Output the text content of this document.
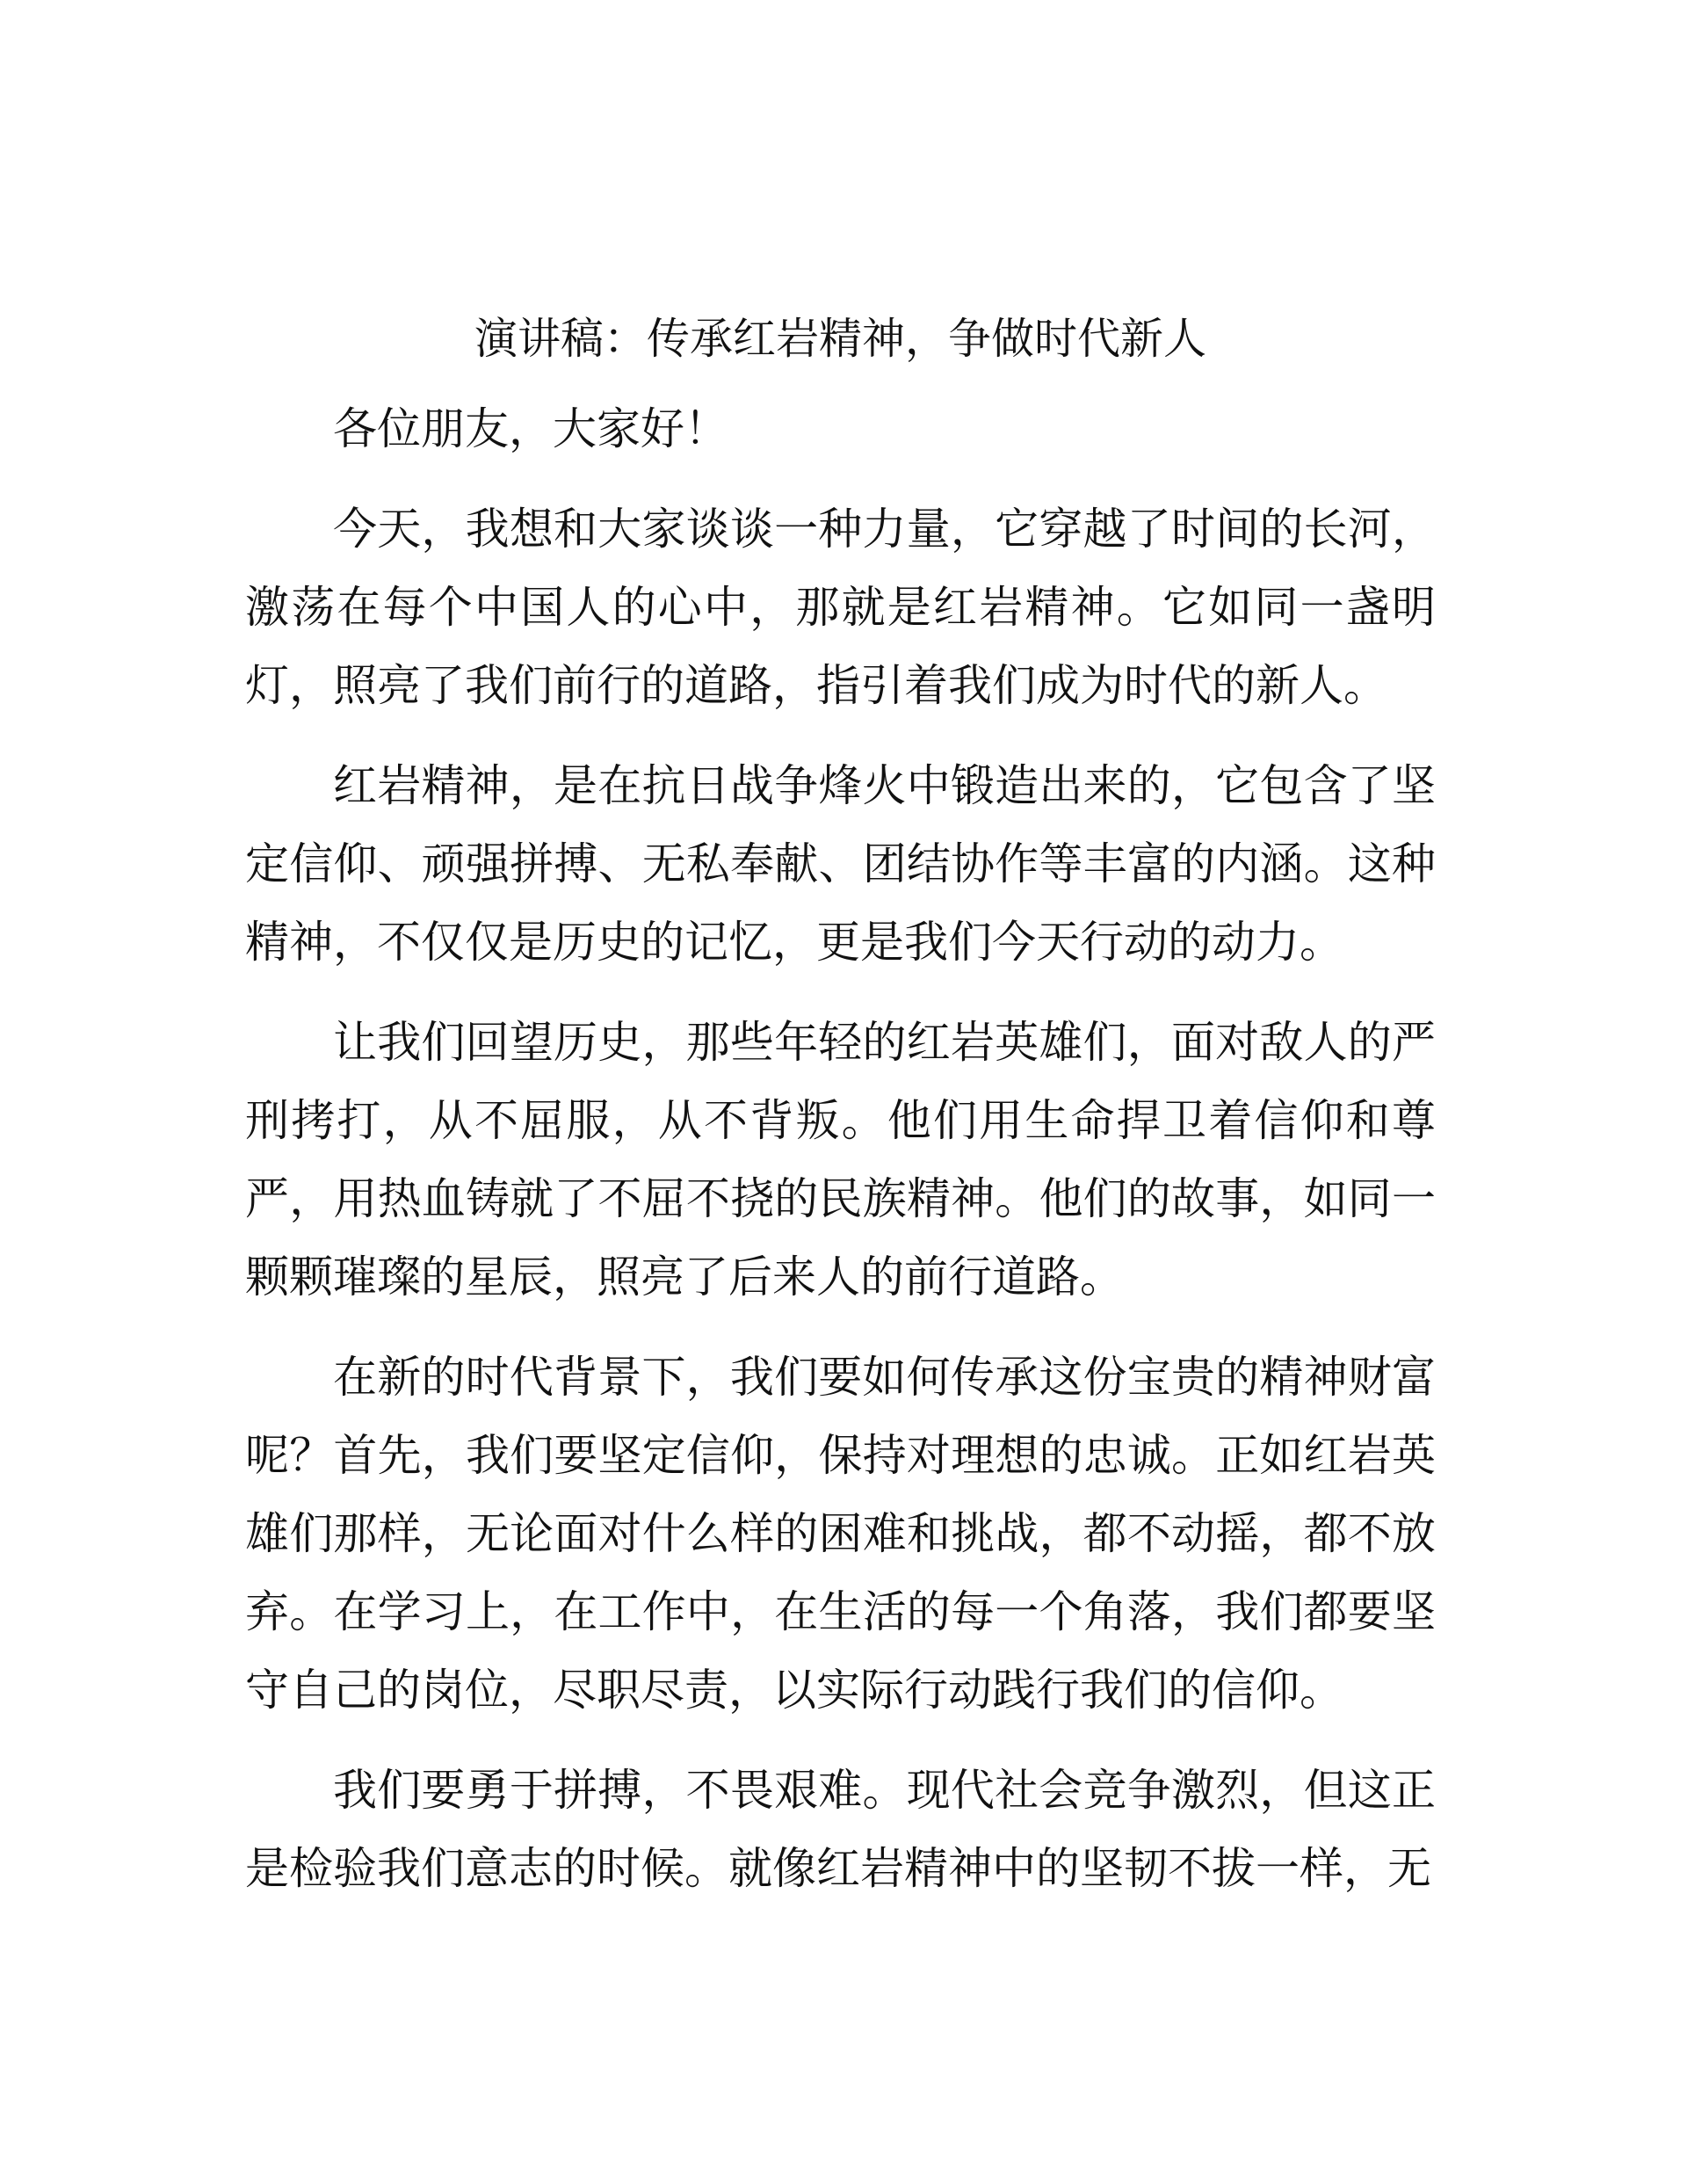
演讲稿：传承红岩精神，争做时代新人

各位朋友，大家好！

今天，我想和大家谈谈一种力量，它穿越了时间的长河，激荡在每个中国人的心中，那就是红岩精神。它如同一盏明灯，照亮了我们前行的道路，指引着我们成为时代的新人。

红岩精神，是在抗日战争烽火中锻造出来的，它包含了坚定信仰、顽强拼搏、无私奉献、团结协作等丰富的内涵。这种精神，不仅仅是历史的记忆，更是我们今天行动的动力。

让我们回望历史，那些年轻的红岩英雄们，面对敌人的严刑拷打，从不屈服，从不背叛。他们用生命捍卫着信仰和尊严，用热血铸就了不屈不挠的民族精神。他们的故事，如同一颗颗璀璨的星辰，照亮了后来人的前行道路。

在新的时代背景下，我们要如何传承这份宝贵的精神财富呢？首先，我们要坚定信仰，保持对理想的忠诚。正如红岩英雄们那样，无论面对什么样的困难和挑战，都不动摇，都不放弃。在学习上，在工作中，在生活的每一个角落，我们都要坚守自己的岗位，尽职尽责，以实际行动践行我们的信仰。

我们要勇于拼搏，不畏艰难。现代社会竞争激烈，但这正是检验我们意志的时候。就像红岩精神中的坚韧不拔一样，无
